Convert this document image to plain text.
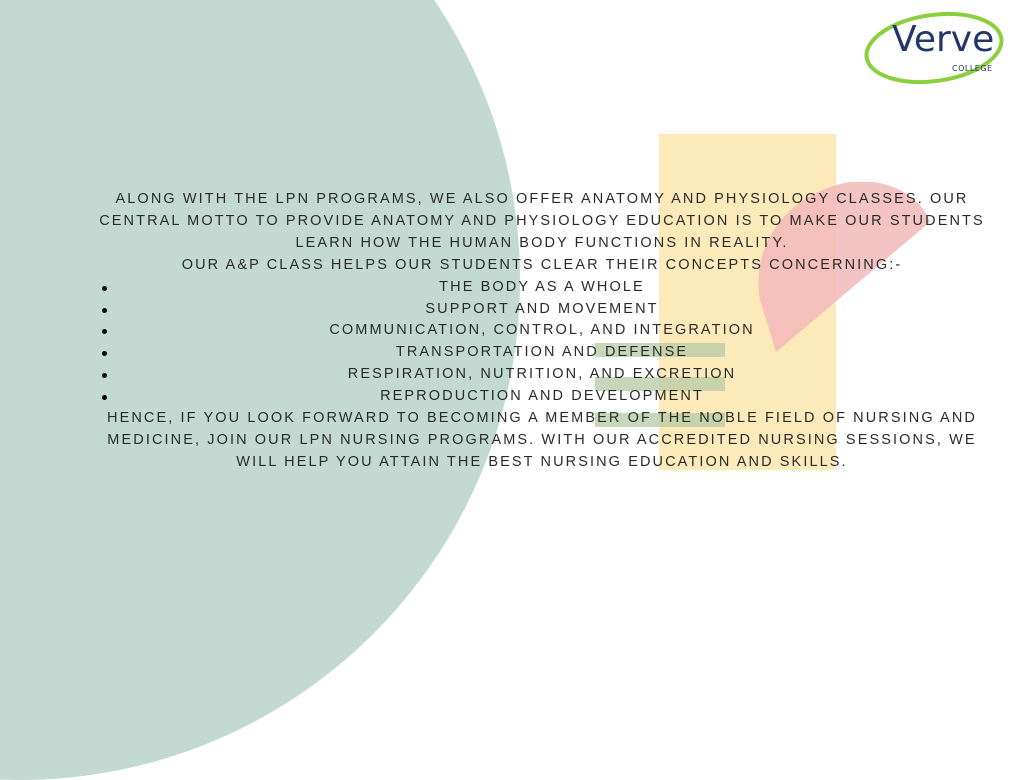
Verve
COLLEGE

ALONG WITH THE LPN PROGRAMS, WE ALSO OFFER ANATOMY AND PHYSIOLOGY CLASSES. OUR CENTRAL MOTTO TO PROVIDE ANATOMY AND PHYSIOLOGY EDUCATION IS TO MAKE OUR STUDENTS LEARN HOW THE HUMAN BODY FUNCTIONS IN REALITY.

OUR A&P CLASS HELPS OUR STUDENTS CLEAR THEIR CONCEPTS CONCERNING:-

THE BODY AS A WHOLE
SUPPORT AND MOVEMENT
COMMUNICATION, CONTROL, AND INTEGRATION
TRANSPORTATION AND DEFENSE
RESPIRATION, NUTRITION, AND EXCRETION
REPRODUCTION AND DEVELOPMENT

HENCE, IF YOU LOOK FORWARD TO BECOMING A MEMBER OF THE NOBLE FIELD OF NURSING AND MEDICINE, JOIN OUR LPN NURSING PROGRAMS. WITH OUR ACCREDITED NURSING SESSIONS, WE WILL HELP YOU ATTAIN THE BEST NURSING EDUCATION AND SKILLS.
